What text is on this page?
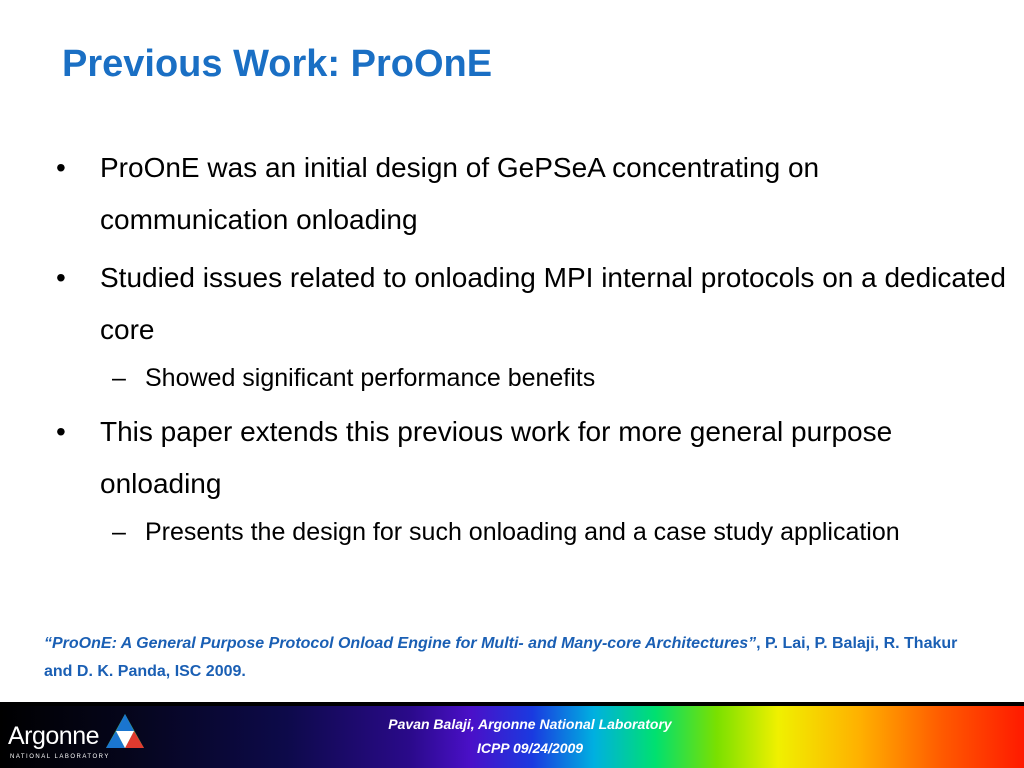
Previous Work: ProOnE
• ProOnE was an initial design of GePSeA concentrating on communication onloading
• Studied issues related to onloading MPI internal protocols on a dedicated core
– Showed significant performance benefits
• This paper extends this previous work for more general purpose onloading
– Presents the design for such onloading and a case study application
“ProOnE: A General Purpose Protocol Onload Engine for Multi- and Many-core Architectures”, P. Lai, P. Balaji, R. Thakur and D. K. Panda, ISC 2009.
Argonne
NATIONAL LABORATORY
Pavan Balaji, Argonne National Laboratory
ICPP 09/24/2009
